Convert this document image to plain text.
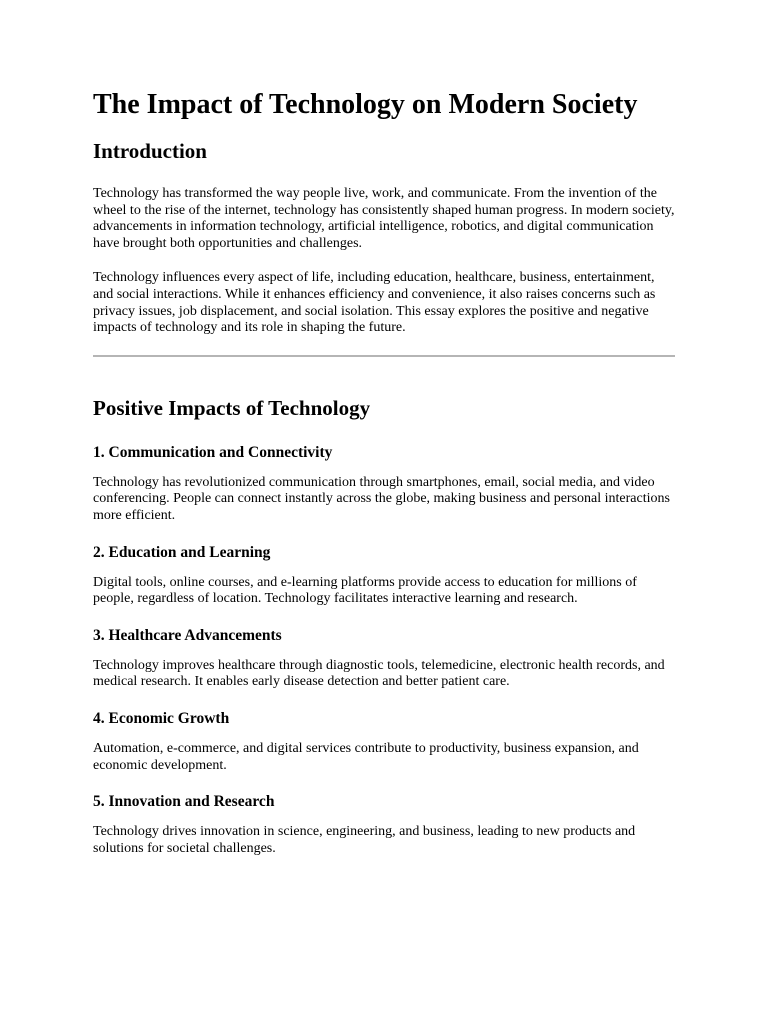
The Impact of Technology on Modern Society
Introduction

Technology has transformed the way people live, work, and communicate. From the invention of the wheel to the rise of the internet, technology has consistently shaped human progress. In modern society, advancements in information technology, artificial intelligence, robotics, and digital communication have brought both opportunities and challenges.

Technology influences every aspect of life, including education, healthcare, business, entertainment, and social interactions. While it enhances efficiency and convenience, it also raises concerns such as privacy issues, job displacement, and social isolation. This essay explores the positive and negative impacts of technology and its role in shaping the future.

Positive Impacts of Technology
1. Communication and Connectivity

Technology has revolutionized communication through smartphones, email, social media, and video conferencing. People can connect instantly across the globe, making business and personal interactions more efficient.

2. Education and Learning

Digital tools, online courses, and e-learning platforms provide access to education for millions of people, regardless of location. Technology facilitates interactive learning and research.

3. Healthcare Advancements

Technology improves healthcare through diagnostic tools, telemedicine, electronic health records, and medical research. It enables early disease detection and better patient care.

4. Economic Growth

Automation, e-commerce, and digital services contribute to productivity, business expansion, and economic development.

5. Innovation and Research

Technology drives innovation in science, engineering, and business, leading to new products and solutions for societal challenges.
